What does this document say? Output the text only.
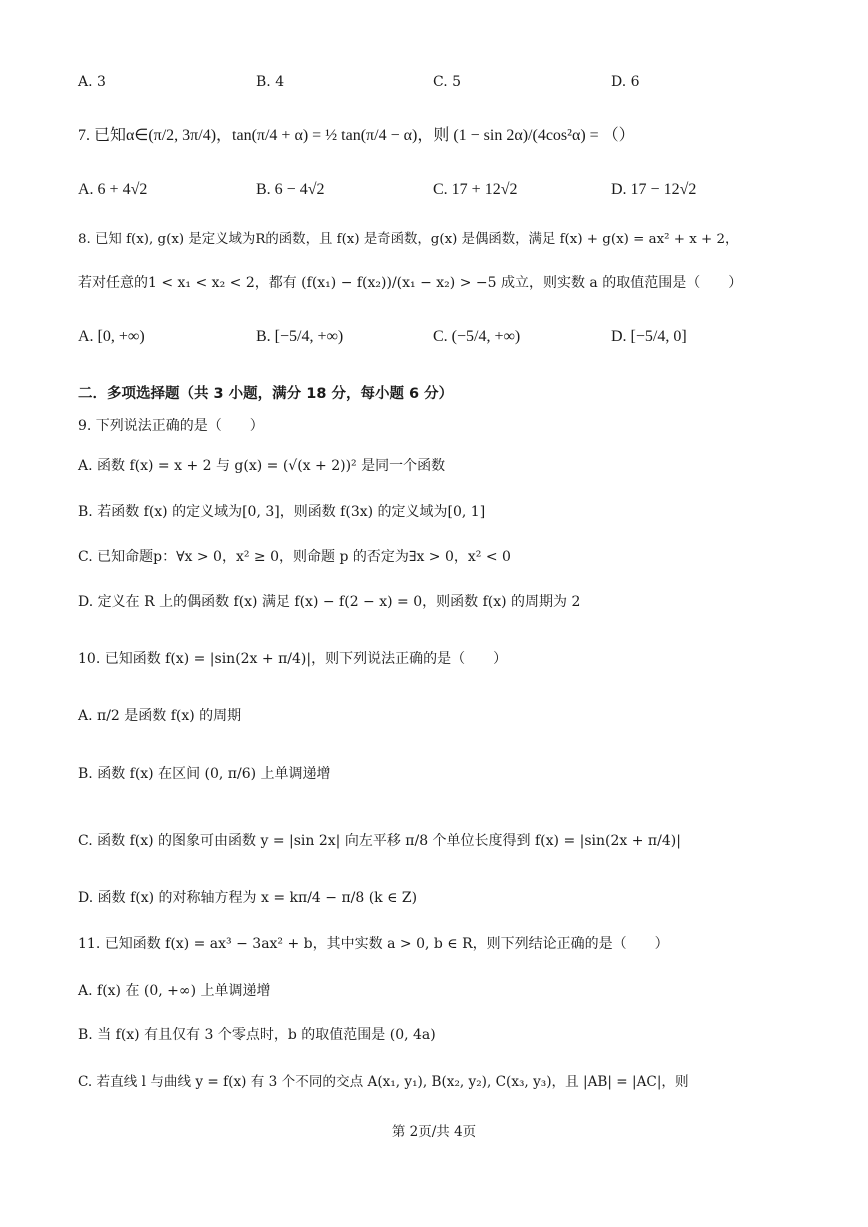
A. 3	B. 4	C. 5	D. 6
7. 已知α∈(π/2, 3π/4)，tan(π/4 + α) = ½ tan(π/4 − α)，则 (1 − sin 2α)/(4cos²α) = （）
A. 6 + 4√2	B. 6 − 4√2	C. 17 + 12√2	D. 17 − 12√2
8. 已知 f(x), g(x) 是定义域为R的函数，且 f(x) 是奇函数，g(x) 是偶函数，满足 f(x) + g(x) = ax² + x + 2，
若对任意的1 < x₁ < x₂ < 2，都有 (f(x₁) − f(x₂))/(x₁ − x₂) > −5 成立，则实数 a 的取值范围是（　　）
A. [0, +∞)	B. [−5/4, +∞)	C. (−5/4, +∞)	D. [−5/4, 0]
二．多项选择题（共 3 小题，满分 18 分，每小题 6 分）
9. 下列说法正确的是（　　）
A. 函数 f(x) = x + 2 与 g(x) = (√(x + 2))² 是同一个函数
B. 若函数 f(x) 的定义域为[0, 3]，则函数 f(3x) 的定义域为[0, 1]
C. 已知命题p：∀x > 0，x² ≥ 0，则命题 p 的否定为∃x > 0，x² < 0
D. 定义在 R 上的偶函数 f(x) 满足 f(x) − f(2 − x) = 0，则函数 f(x) 的周期为 2
10. 已知函数 f(x) = |sin(2x + π/4)|，则下列说法正确的是（　　）
A. π/2 是函数 f(x) 的周期
B. 函数 f(x) 在区间 (0, π/6) 上单调递增
C. 函数 f(x) 的图象可由函数 y = |sin 2x| 向左平移 π/8 个单位长度得到 f(x) = |sin(2x + π/4)|
D. 函数 f(x) 的对称轴方程为 x = kπ/4 − π/8 (k ∈ Z)
11. 已知函数 f(x) = ax³ − 3ax² + b，其中实数 a > 0, b ∈ R，则下列结论正确的是（　　）
A. f(x) 在 (0, +∞) 上单调递增
B. 当 f(x) 有且仅有 3 个零点时，b 的取值范围是 (0, 4a)
C. 若直线 l 与曲线 y = f(x) 有 3 个不同的交点 A(x₁, y₁), B(x₂, y₂), C(x₃, y₃)，且 |AB| = |AC|，则
第 2页/共 4页
